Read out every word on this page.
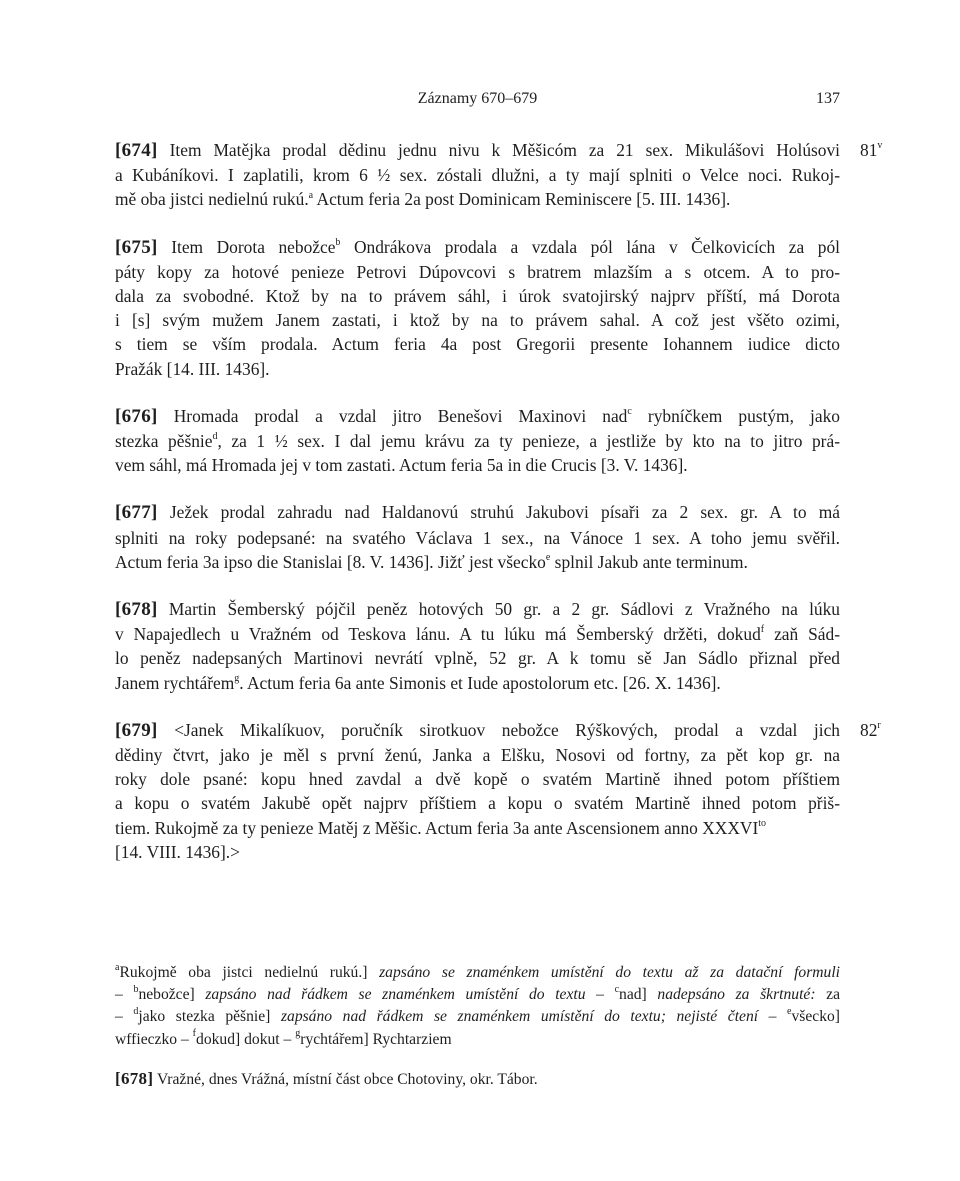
Záznamy 670–679	137
81$^v$
[674] Item Matějka prodal dědinu jednu nivu k Měšicóm za 21 sex. Mikulášovi Holúsovi
a Kubáníkovi. I zaplatili, krom 6 ½ sex. zóstali dlužni, a ty mají splniti o Velce noci. Rukoj-
mě oba jistci nedielnú rukú.$^a$ Actum feria 2a post Dominicam Reminiscere [5. III. 1436].
[675] Item Dorota nebožce$^b$ Ondrákova prodala a vzdala pól lána v Čelkovicích za pól
páty kopy za hotové penieze Petrovi Dúpovcovi s bratrem mlazším a s otcem. A to pro-
dala za svobodné. Ktož by na to právem sáhl, i úrok svatojirský najprv příští, má Dorota
i [s] svým mužem Janem zastati, i ktož by na to právem sahal. A což jest všěto ozimi,
s tiem se vším prodala. Actum feria 4a post Gregorii presente Iohannem iudice dicto
Pražák [14. III. 1436].
[676] Hromada prodal a vzdal jitro Benešovi Maxinovi nad$^c$ rybníčkem pustým, jako
stezka pěšnie$^d$, za 1 ½ sex. I dal jemu krávu za ty penieze, a jestliže by kto na to jitro prá-
vem sáhl, má Hromada jej v tom zastati. Actum feria 5a in die Crucis [3. V. 1436].
[677] Ježek prodal zahradu nad Haldanovú struhú Jakubovi písaři za 2 sex. gr. A to má
splniti na roky podepsané: na svatého Václava 1 sex., na Vánoce 1 sex. A toho jemu svěřil.
Actum feria 3a ipso die Stanislai [8. V. 1436]. Jižť jest všecko$^e$ splnil Jakub ante terminum.
[678] Martin Šemberský pójčil peněz hotových 50 gr. a 2 gr. Sádlovi z Vražného na lúku
v Napajedlech u Vražném od Teskova lánu. A tu lúku má Šemberský držěti, dokud$^f$ zaň Sád-
lo peněz nadepsaných Martinovi nevrátí vplně, 52 gr. A k tomu sě Jan Sádlo přiznal před
Janem rychtářem$^g$. Actum feria 6a ante Simonis et Iude apostolorum etc. [26. X. 1436].
82$^r$
[679] <Janek Mikalíkuov, poručník sirotkuov nebožce Rýškových, prodal a vzdal jich
dědiny čtvrt, jako je měl s první ženú, Janka a Elšku, Nosovi od fortny, za pět kop gr. na
roky dole psané: kopu hned zavdal a dvě kopě o svatém Martině ihned potom příštiem
a kopu o svatém Jakubě opět najprv příštiem a kopu o svatém Martině ihned potom přiš-
tiem. Rukojmě za ty penieze Matěj z Měšic. Actum feria 3a ante Ascensionem anno $XXXVI^{to}$
[14. VIII. 1436].>
$^a$Rukojmě oba jistci nedielnú rukú.] zapsáno se znaménkem umístění do textu až za datační formuli
– $^b$nebožce] zapsáno nad řádkem se znaménkem umístění do textu – $^c$nad] nadepsáno za škrtnuté: za
– $^d$jako stezka pěšnie] zapsáno nad řádkem se znaménkem umístění do textu; nejisté čtení – $^e$všecko]
wffieczko – $^f$dokud] dokut – $^g$rychtářem] Rychtarziem
[678] Vražné, dnes Vrážná, místní část obce Chotoviny, okr. Tábor.
